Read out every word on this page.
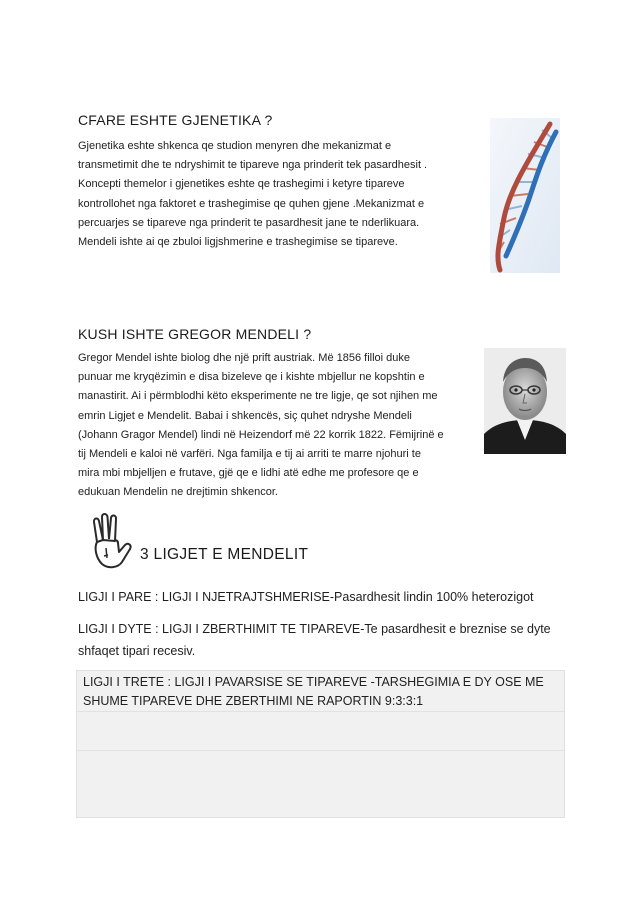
CFARE ESHTE GJENETIKA ?
Gjenetika eshte shkenca qe studion menyren dhe mekanizmat e
transmetimit dhe te ndryshimit te tipareve nga prinderit tek pasardhesit .
Koncepti themelor i gjenetikes eshte qe trashegimi i ketyre tipareve
kontrollohet nga faktoret e trashegimise qe quhen gjene .Mekanizmat e
percuarjes se tipareve nga prinderit te pasardhesit jane te nderlikuara.
Mendeli ishte ai qe zbuloi ligjshmerine e trashegimise se tipareve.
KUSH ISHTE GREGOR MENDELI ?
Gregor Mendel ishte biolog dhe një prift austriak. Më 1856 filloi duke
punuar me kryqëzimin e disa bizeleve qe i kishte mbjellur ne kopshtin e
manastirit. Ai i përmblodhi këto eksperimente ne tre ligje, qe sot njihen me
emrin Ligjet e Mendelit. Babai i shkencës, siç quhet ndryshe Mendeli
(Johann Gragor Mendel) lindi në Heizendorf më 22 korrik 1822. Fëmijrinë e
tij Mendeli e kaloi në varfëri. Nga familja e tij ai arriti te marre njohuri te
mira mbi mbjelljen e frutave, gjë qe e lidhi atë edhe me profesore qe e
edukuan Mendelin ne drejtimin shkencor.
3 LIGJET E MENDELIT
LIGJI I PARE : LIGJI I NJETRAJTSHMERISE-Pasardhesit lindin 100% heterozigot
LIGJI I DYTE : LIGJI I ZBERTHIMIT TE TIPAREVE-Te pasardhesit e breznise se dyte
shfaqet tipari recesiv.
LIGJI I TRETE : LIGJI I PAVARSISE SE TIPAREVE -TARSHEGIMIA E DY OSE ME
SHUME TIPAREVE DHE ZBERTHIMI NE RAPORTIN 9:3:3:1
